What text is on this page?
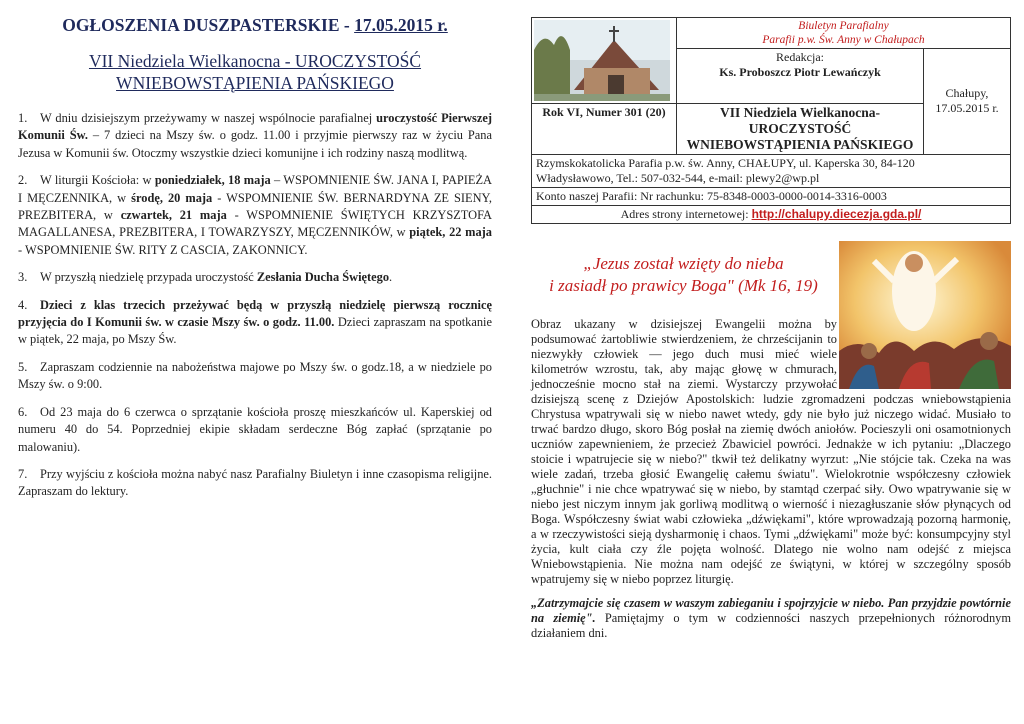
OGŁOSZENIA DUSZPASTERSKIE - 17.05.2015 r.
VII Niedziela Wielkanocna - UROCZYSTOŚĆ
WNIEBOWSTĄPIENIA PAŃSKIEGO
1. W dniu dzisiejszym przeżywamy w naszej wspólnocie parafialnej uroczystość Pierwszej Komunii Św. – 7 dzieci na Mszy św. o godz. 11.00 i przyjmie pierwszy raz w życiu Pana Jezusa w Komunii św. Otoczmy wszystkie dzieci komunijne i ich rodziny naszą modlitwą.
2. W liturgii Kościoła: w poniedziałek, 18 maja – WSPOMNIENIE ŚW. JANA I, PAPIEŻA I MĘCZENNIKA, w środę, 20 maja - WSPOMNIENIE ŚW. BERNARDYNA ZE SIENY, PREZBITERA, w czwartek, 21 maja - WSPOMNIENIE ŚWIĘTYCH KRZYSZTOFA MAGALLANESA, PREZBITERA, I TOWARZYSZY, MĘCZENNIKÓW, w piątek, 22 maja - WSPOMNIENIE ŚW. RITY Z CASCIA, ZAKONNICY.
3. W przyszłą niedzielę przypada uroczystość Zesłania Ducha Świętego.
4. Dzieci z klas trzecich przeżywać będą w przyszłą niedzielę pierwszą rocznicę przyjęcia do I Komunii św. w czasie Mszy św. o godz. 11.00. Dzieci zapraszam na spotkanie w piątek, 22 maja, po Mszy Św.
5. Zapraszam codziennie na nabożeństwa majowe po Mszy św. o godz.18, a w niedziele po Mszy św. o 9:00.
6. Od 23 maja do 6 czerwca o sprzątanie kościoła proszę mieszkańców ul. Kaperskiej od numeru 40 do 54. Poprzedniej ekipie składam serdeczne Bóg zapłać (sprzątanie po malowaniu).
7. Przy wyjściu z kościoła można nabyć nasz Parafialny Biuletyn i inne czasopisma religijne. Zapraszam do lektury.
	Biuletyn Parafialny
Parafii p.w. Św. Anny w Chałupach	
	Redakcja:
Ks. Proboszcz Piotr Lewańczyk	Chałupy, 17.05.2015 r.
Rok VI, Numer 301 (20)	VII Niedziela Wielkanocna- UROCZYSTOŚĆ WNIEBOWSTĄPIENIA PAŃSKIEGO	
Rzymskokatolicka Parafia p.w. św. Anny, CHAŁUPY, ul. Kaperska 30, 84-120
Władysławowo, Tel.: 507-032-544, e-mail: plewy2@wp.pl		
Konto naszej Parafii: Nr rachunku: 75-8348-0003-0000-0014-3316-0003		
Adres strony internetowej: http://chalupy.diecezja.gda.pl/		
„Jezus został wzięty do nieba
i zasiadł po prawicy Boga" (Mk 16, 19)

Obraz ukazany w dzisiejszej Ewangelii można by podsumować żartobliwie stwierdzeniem, że chrześcijanin to niezwykły człowiek — jego duch musi mieć wiele kilometrów wzrostu, tak, aby mając głowę w chmurach, jednocześnie mocno stał na ziemi. Wystarczy przywołać dzisiejszą scenę z Dziejów Apostolskich: ludzie zgromadzeni podczas wniebowstąpienia Chrystusa wpatrywali się w niebo nawet wtedy, gdy nie było już niczego widać. Musiało to trwać bardzo długo, skoro Bóg posłał na ziemię dwóch aniołów. Pocieszyli oni osamotnionych uczniów zapewnieniem, że przecież Zbawiciel powróci. Jednakże w ich pytaniu: „Dlaczego stoicie i wpatrujecie się w niebo?" tkwił też delikatny wyrzut: „Nie stójcie tak. Czeka na was wiele zadań, trzeba głosić Ewangelię całemu światu". Wielokrotnie współczesny człowiek „głuchnie" i nie chce wpatrywać się w niebo, by stamtąd czerpać siły. Owo wpatrywanie się w niebo jest niczym innym jak gorliwą modlitwą o wierność i niezagłuszanie słów płynących od Boga. Współczesny świat wabi człowieka „dźwiękami", które wprowadzają pozorną harmonię, a w rzeczywistości sieją dysharmonię i chaos. Tymi „dźwiękami" może być: konsumpcyjny styl życia, kult ciała czy źle pojęta wolność. Dlatego nie wolno nam odejść z miejsca Wniebowstąpienia. Nie można nam odejść ze świątyni, w której w szczególny sposób wpatrujemy się w niebo poprzez liturgię.

„Zatrzymajcie się czasem w waszym zabieganiu i spojrzyjcie w niebo. Pan przyjdzie powtórnie na ziemię". Pamiętajmy o tym w codzienności naszych przepełnionych różnorodnym działaniem dni.
